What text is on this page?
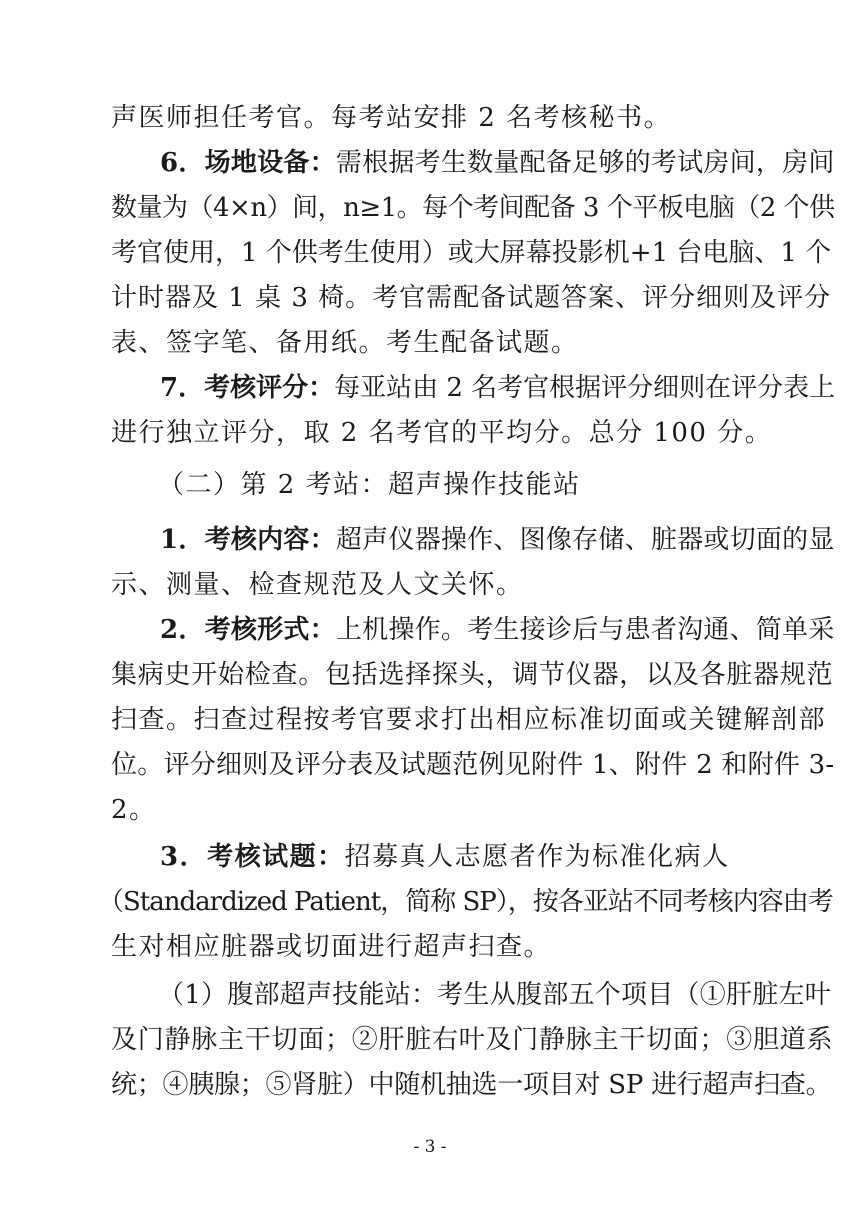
声医师担任考官。每考站安排 2 名考核秘书。
6．场地设备：需根据考生数量配备足够的考试房间，房间
数量为（4×n）间，n≥1。每个考间配备 3 个平板电脑（2 个供
考官使用，1 个供考生使用）或大屏幕投影机+1 台电脑、1 个
计时器及 1 桌 3 椅。考官需配备试题答案、评分细则及评分
表、签字笔、备用纸。考生配备试题。
7．考核评分：每亚站由 2 名考官根据评分细则在评分表上
进行独立评分，取 2 名考官的平均分。总分 100 分。
（二）第 2 考站：超声操作技能站
1．考核内容：超声仪器操作、图像存储、脏器或切面的显
示、测量、检查规范及人文关怀。
2．考核形式：上机操作。考生接诊后与患者沟通、简单采
集病史开始检查。包括选择探头，调节仪器，以及各脏器规范
扫查。扫查过程按考官要求打出相应标准切面或关键解剖部
位。评分细则及评分表及试题范例见附件 1、附件 2 和附件 3-
2。
3．考核试题：招募真人志愿者作为标准化病人
（Standardized Patient，简称 SP），按各亚站不同考核内容由考
生对相应脏器或切面进行超声扫查。
（1）腹部超声技能站：考生从腹部五个项目（①肝脏左叶
及门静脉主干切面；②肝脏右叶及门静脉主干切面；③胆道系
统；④胰腺；⑤肾脏）中随机抽选一项目对 SP 进行超声扫查。
- 3 -
